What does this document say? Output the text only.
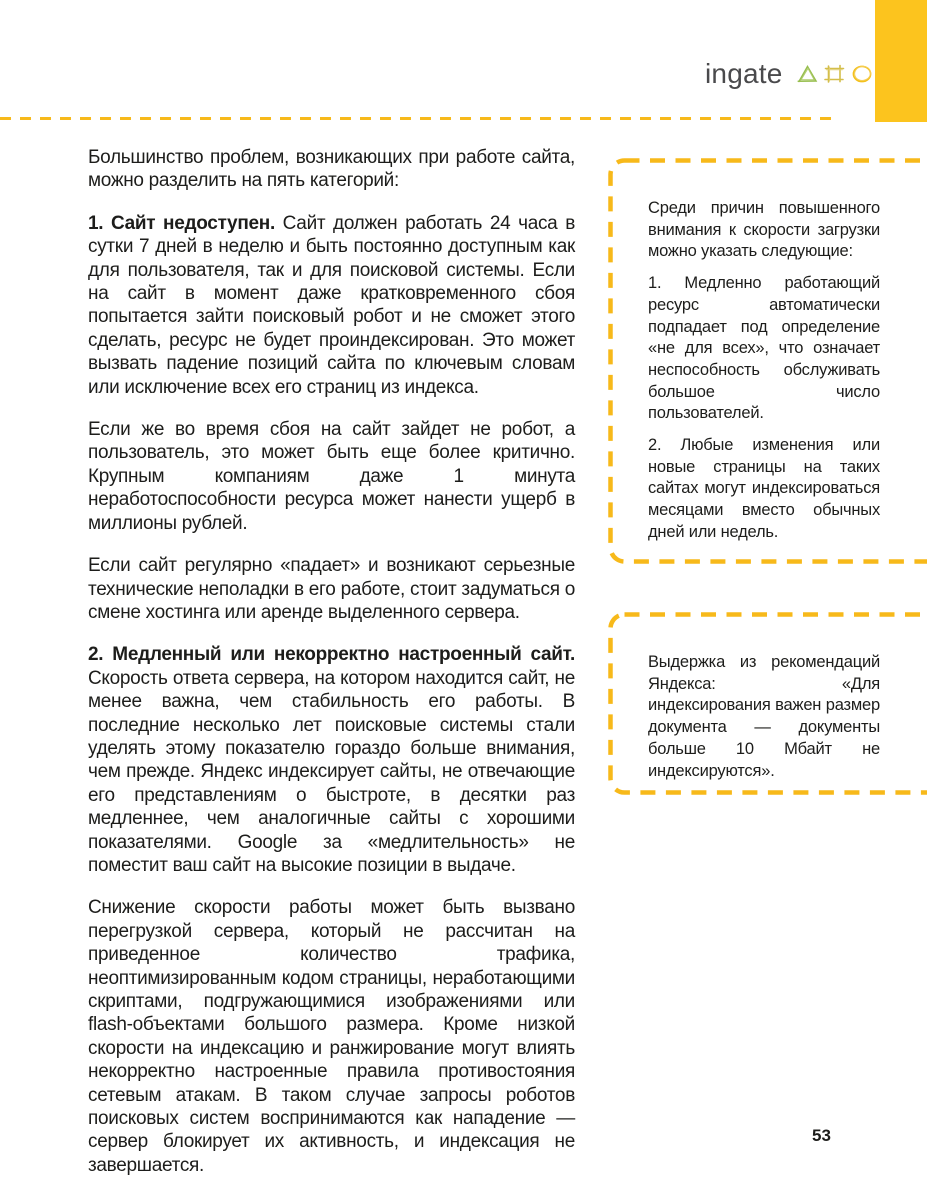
ingate

Большинство проблем, возникающих при работе сайта, можно разделить на пять категорий:

1. Сайт недоступен. Сайт должен работать 24 часа в сутки 7 дней в неделю и быть постоянно доступным как для пользователя, так и для поисковой системы. Если на сайт в момент даже кратковременного сбоя попытается зайти поисковый робот и не сможет этого сделать, ресурс не будет проиндексирован. Это может вызвать падение позиций сайта по ключевым словам или исключение всех его страниц из индекса.

Если же во время сбоя на сайт зайдет не робот, а пользователь, это может быть еще более критично. Крупным компаниям даже 1 минута неработоспособности ресурса может нанести ущерб в миллионы рублей.

Если сайт регулярно «падает» и возникают серьезные технические неполадки в его работе, стоит задуматься о смене хостинга или аренде выделенного сервера.

2. Медленный или некорректно настроенный сайт. Скорость ответа сервера, на котором находится сайт, не менее важна, чем стабильность его работы. В последние несколько лет поисковые системы стали уделять этому показателю гораздо больше внимания, чем прежде. Яндекс индексирует сайты, не отвечающие его представлениям о быстроте, в десятки раз медленнее, чем аналогичные сайты с хорошими показателями. Google за «медлительность» не поместит ваш сайт на высокие позиции в выдаче.

Снижение скорости работы может быть вызвано перегрузкой сервера, который не рассчитан на приведенное количество трафика, неоптимизированным кодом страницы, неработающими скриптами, подгружающимися изображениями или flash-объектами большого размера. Кроме низкой скорости на индексацию и ранжирование могут влиять некорректно настроенные правила противостояния сетевым атакам. В таком случае запросы роботов поисковых систем воспринимаются как нападение — сервер блокирует их активность, и индексация не завершается.

Среди причин повышенного внимания к скорости загрузки можно указать следующие:

1. Медленно работающий ресурс автоматически подпадает под определение «не для всех», что означает неспособность обслуживать большое число пользователей.

2. Любые изменения или новые страницы на таких сайтах могут индексироваться месяцами вместо обычных дней или недель.

Выдержка из рекомендаций Яндекса: «Для индексирования важен размер документа — документы больше 10 Мбайт не индексируются».

53
